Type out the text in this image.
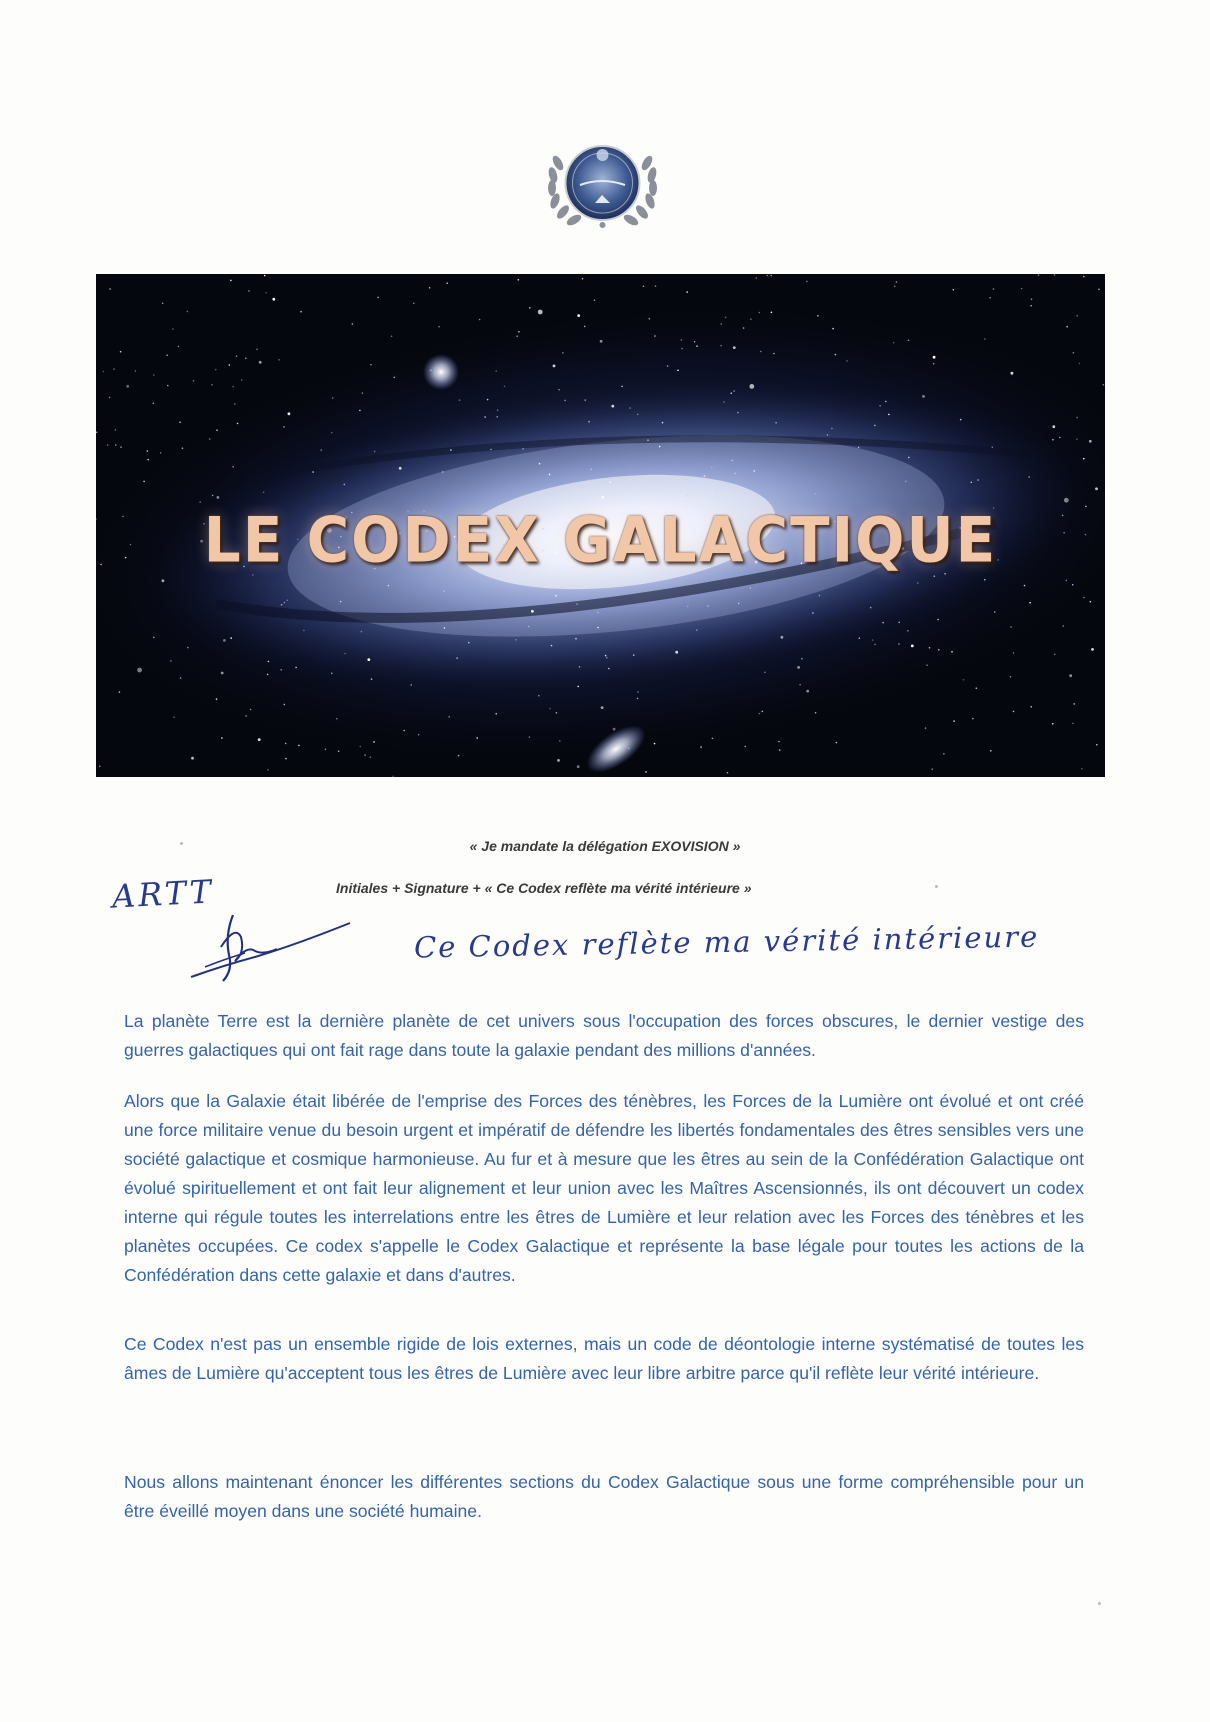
LE CODEX GALACTIQUE
« Je mandate la délégation EXOVISION »
Initiales + Signature + « Ce Codex reflète ma vérité intérieure »
ARTT
Ce Codex reflète ma vérité intérieure

La planète Terre est la dernière planète de cet univers sous l'occupation des forces obscures, le dernier vestige des guerres galactiques qui ont fait rage dans toute la galaxie pendant des millions d'années.

Alors que la Galaxie était libérée de l'emprise des Forces des ténèbres, les Forces de la Lumière ont évolué et ont créé une force militaire venue du besoin urgent et impératif de défendre les libertés fondamentales des êtres sensibles vers une société galactique et cosmique harmonieuse. Au fur et à mesure que les êtres au sein de la Confédération Galactique ont évolué spirituellement et ont fait leur alignement et leur union avec les Maîtres Ascensionnés, ils ont découvert un codex interne qui régule toutes les interrelations entre les êtres de Lumière et leur relation avec les Forces des ténèbres et les planètes occupées. Ce codex s'appelle le Codex Galactique et représente la base légale pour toutes les actions de la Confédération dans cette galaxie et dans d'autres.

Ce Codex n'est pas un ensemble rigide de lois externes, mais un code de déontologie interne systématisé de toutes les âmes de Lumière qu'acceptent tous les êtres de Lumière avec leur libre arbitre parce qu'il reflète leur vérité intérieure.

Nous allons maintenant énoncer les différentes sections du Codex Galactique sous une forme compréhensible pour un être éveillé moyen dans une société humaine.
